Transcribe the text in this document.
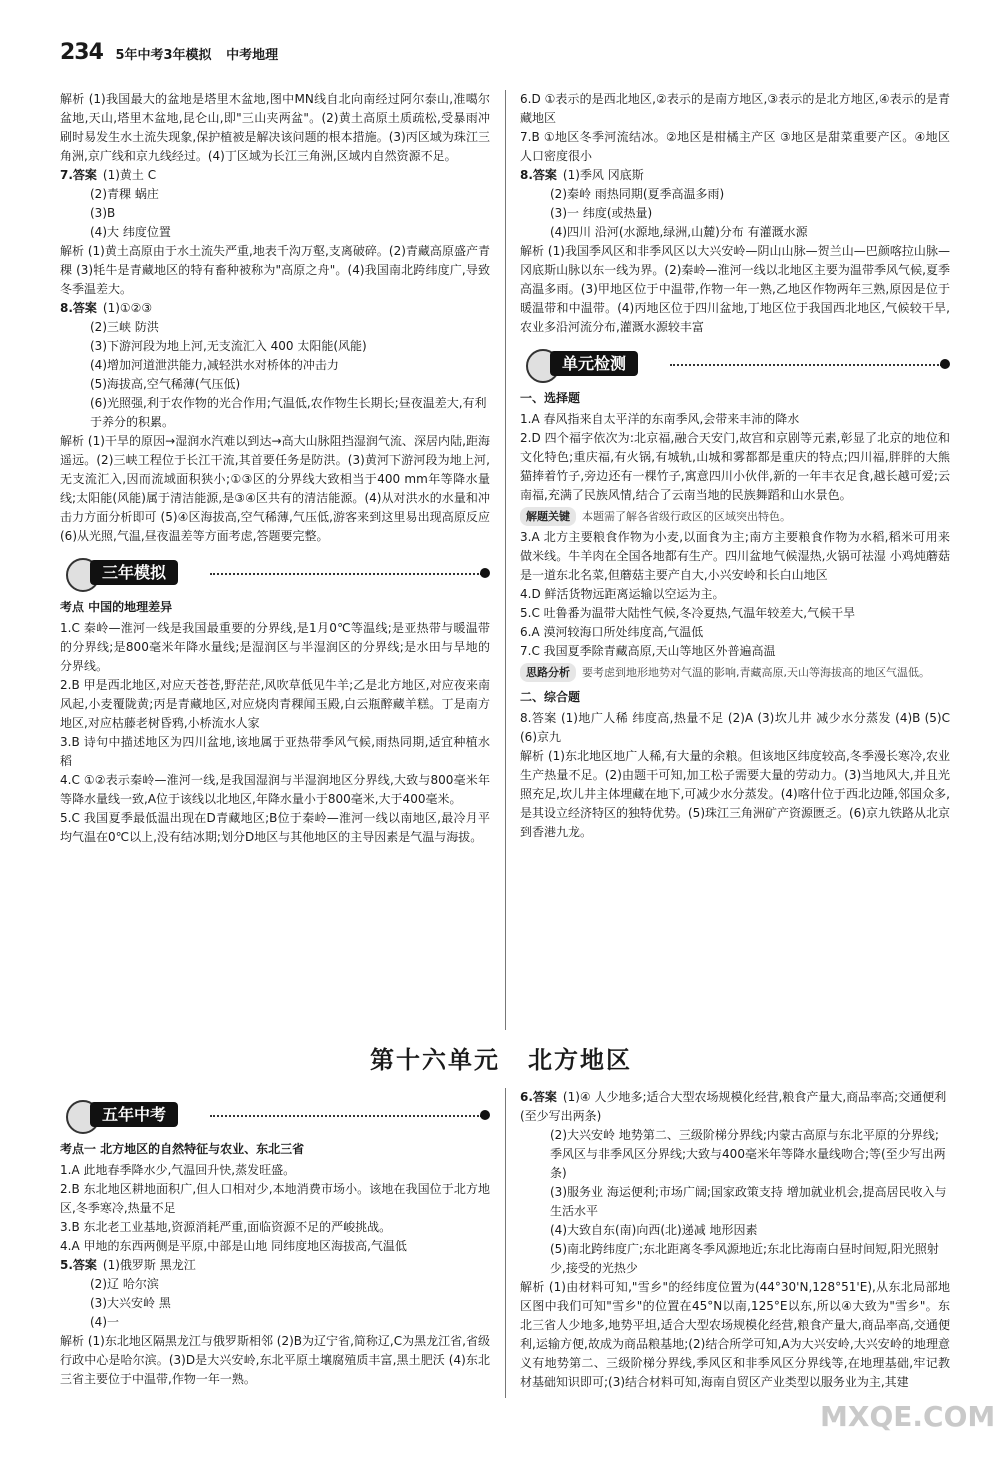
234 5年中考3年模拟 中考地理

解析 (1)我国最大的盆地是塔里木盆地,图中MN线自北向南经过阿尔泰山,准噶尔盆地,天山,塔里木盆地,昆仑山,即"三山夹两盆"。(2)黄土高原土质疏松,受暴雨冲刷时易发生水土流失现象,保护植被是解决该问题的根本措施。(3)丙区域为珠江三角洲,京广线和京九线经过。(4)丁区域为长江三角洲,区域内自然资源不足。

7.答案 (1)黄土 C

(2)青稞 蜗庄

(3)B

(4)大 纬度位置

解析 (1)黄土高原由于水土流失严重,地表千沟万壑,支离破碎。(2)青藏高原盛产青稞 (3)牦牛是青藏地区的特有畜种被称为"高原之舟"。(4)我国南北跨纬度广,导致冬季温差大。

8.答案 (1)①②③

(2)三峡 防洪

(3)下游河段为地上河,无支流汇入 400 太阳能(风能)

(4)增加河道泄洪能力,减轻洪水对桥体的冲击力

(5)海拔高,空气稀薄(气压低)

(6)光照强,利于农作物的光合作用;气温低,农作物生长期长;昼夜温差大,有利于养分的积累。

解析 (1)干旱的原因→湿润水汽难以到达→高大山脉阻挡湿润气流、深居内陆,距海遥远。(2)三峡工程位于长江干流,其首要任务是防洪。(3)黄河下游河段为地上河,无支流汇入,因而流域面积狭小;①③区的分界线大致相当于400 mm年等降水量线;太阳能(风能)属于清洁能源,是③④区共有的清洁能源。(4)从对洪水的水量和冲击力方面分析即可 (5)④区海拔高,空气稀薄,气压低,游客来到这里易出现高原反应 (6)从光照,气温,昼夜温差等方面考虑,答题要完整。

三年模拟

考点 中国的地理差异

1.C 秦岭—淮河一线是我国最重要的分界线,是1月0℃等温线;是亚热带与暖温带的分界线;是800毫米年降水量线;是湿润区与半湿润区的分界线;是水田与旱地的分界线。

2.B 甲是西北地区,对应天苍苍,野茫茫,风吹草低见牛羊;乙是北方地区,对应夜来南风起,小麦覆陇黄;丙是青藏地区,对应烧肉青稞闻玉殿,白云瓶醉藏羊糕。丁是南方地区,对应枯藤老树昏鸦,小桥流水人家

3.B 诗句中描述地区为四川盆地,该地属于亚热带季风气候,雨热同期,适宜种植水稻

4.C ①②表示秦岭—淮河一线,是我国湿润与半湿润地区分界线,大致与800毫米年等降水量线一致,A位于该线以北地区,年降水量小于800毫米,大于400毫米。

5.C 我国夏季最低温出现在D青藏地区;B位于秦岭—淮河一线以南地区,最冷月平均气温在0℃以上,没有结冰期;划分D地区与其他地区的主导因素是气温与海拔。

6.D ①表示的是西北地区,②表示的是南方地区,③表示的是北方地区,④表示的是青藏地区

7.B ①地区冬季河流结冰。②地区是柑橘主产区 ③地区是甜菜重要产区。④地区人口密度很小

8.答案 (1)季风 冈底斯

(2)秦岭 雨热同期(夏季高温多雨)

(3)一 纬度(或热量)

(4)四川 沿河(水源地,绿洲,山麓)分布 有灌溉水源

解析 (1)我国季风区和非季风区以大兴安岭—阴山山脉—贺兰山—巴颜喀拉山脉—冈底斯山脉以东一线为界。(2)秦岭—淮河一线以北地区主要为温带季风气候,夏季高温多雨。(3)甲地区位于中温带,作物一年一熟,乙地区作物两年三熟,原因是位于暖温带和中温带。(4)丙地区位于四川盆地,丁地区位于我国西北地区,气候较干旱,农业多沿河流分布,灌溉水源较丰富

单元检测

一、选择题

1.A 春风指来自太平洋的东南季风,会带来丰沛的降水

2.D 四个福字依次为:北京福,融合天安门,故宫和京剧等元素,彰显了北京的地位和文化特色;重庆福,有火锅,有城轨,山城和雾都都是重庆的特点;四川福,胖胖的大熊猫捧着竹子,旁边还有一棵竹子,寓意四川小伙伴,新的一年丰衣足食,越长越可爱;云南福,充满了民族风情,结合了云南当地的民族舞蹈和山水景色。

解题关键 本题需了解各省级行政区的区域突出特色。

3.A 北方主要粮食作物为小麦,以面食为主;南方主要粮食作物为水稻,稻米可用来做米线。牛羊肉在全国各地都有生产。四川盆地气候湿热,火锅可祛湿 小鸡炖蘑菇是一道东北名菜,但蘑菇主要产自大,小兴安岭和长白山地区

4.D 鲜活货物远距离运输以空运为主。

5.C 吐鲁番为温带大陆性气候,冬冷夏热,气温年较差大,气候干旱

6.A 漠河较海口所处纬度高,气温低

7.C 我国夏季除青藏高原,天山等地区外普遍高温

思路分析 要考虑到地形地势对气温的影响,青藏高原,天山等海拔高的地区气温低。

二、综合题

8.答案 (1)地广人稀 纬度高,热量不足 (2)A (3)坎儿井 减少水分蒸发 (4)B (5)C (6)京九

解析 (1)东北地区地广人稀,有大量的余粮。但该地区纬度较高,冬季漫长寒冷,农业生产热量不足。(2)由题干可知,加工松子需要大量的劳动力。(3)当地风大,并且光照充足,坎儿井主体埋藏在地下,可减少水分蒸发。(4)喀什位于西北边陲,邻国众多,是其设立经济特区的独特优势。(5)珠江三角洲矿产资源匮乏。(6)京九铁路从北京到香港九龙。

第十六单元 北方地区
五年中考

考点一 北方地区的自然特征与农业、东北三省

1.A 此地春季降水少,气温回升快,蒸发旺盛。

2.B 东北地区耕地面积广,但人口相对少,本地消费市场小。该地在我国位于北方地区,冬季寒冷,热量不足

3.B 东北老工业基地,资源消耗严重,面临资源不足的严峻挑战。

4.A 甲地的东西两侧是平原,中部是山地 同纬度地区海拔高,气温低

5.答案 (1)俄罗斯 黑龙江

(2)辽 哈尔滨

(3)大兴安岭 黑

(4)一

解析 (1)东北地区隔黑龙江与俄罗斯相邻 (2)B为辽宁省,简称辽,C为黑龙江省,省级行政中心是哈尔滨。(3)D是大兴安岭,东北平原土壤腐殖质丰富,黑土肥沃 (4)东北三省主要位于中温带,作物一年一熟。

6.答案 (1)④ 人少地多;适合大型农场规模化经营,粮食产量大,商品率高;交通便利(至少写出两条)

(2)大兴安岭 地势第二、三级阶梯分界线;内蒙古高原与东北平原的分界线;季风区与非季风区分界线;大致与400毫米年等降水量线吻合;等(至少写出两条)

(3)服务业 海运便利;市场广阔;国家政策支持 增加就业机会,提高居民收入与生活水平

(4)大致自东(南)向西(北)递减 地形因素

(5)南北跨纬度广;东北距离冬季风源地近;东北比海南白昼时间短,阳光照射少,接受的光热少

解析 (1)由材料可知,"雪乡"的经纬度位置为(44°30'N,128°51'E),从东北局部地区图中我们可知"雪乡"的位置在45°N以南,125°E以东,所以④大致为"雪乡"。东北三省人少地多,地势平坦,适合大型农场规模化经营,粮食产量大,商品率高,交通便利,运输方便,故成为商品粮基地;(2)结合所学可知,A为大兴安岭,大兴安岭的地理意义有地势第二、三级阶梯分界线,季风区和非季风区分界线等,在地理基础,牢记教材基础知识即可;(3)结合材料可知,海南自贸区产业类型以服务业为主,其建

MXQE.COM
